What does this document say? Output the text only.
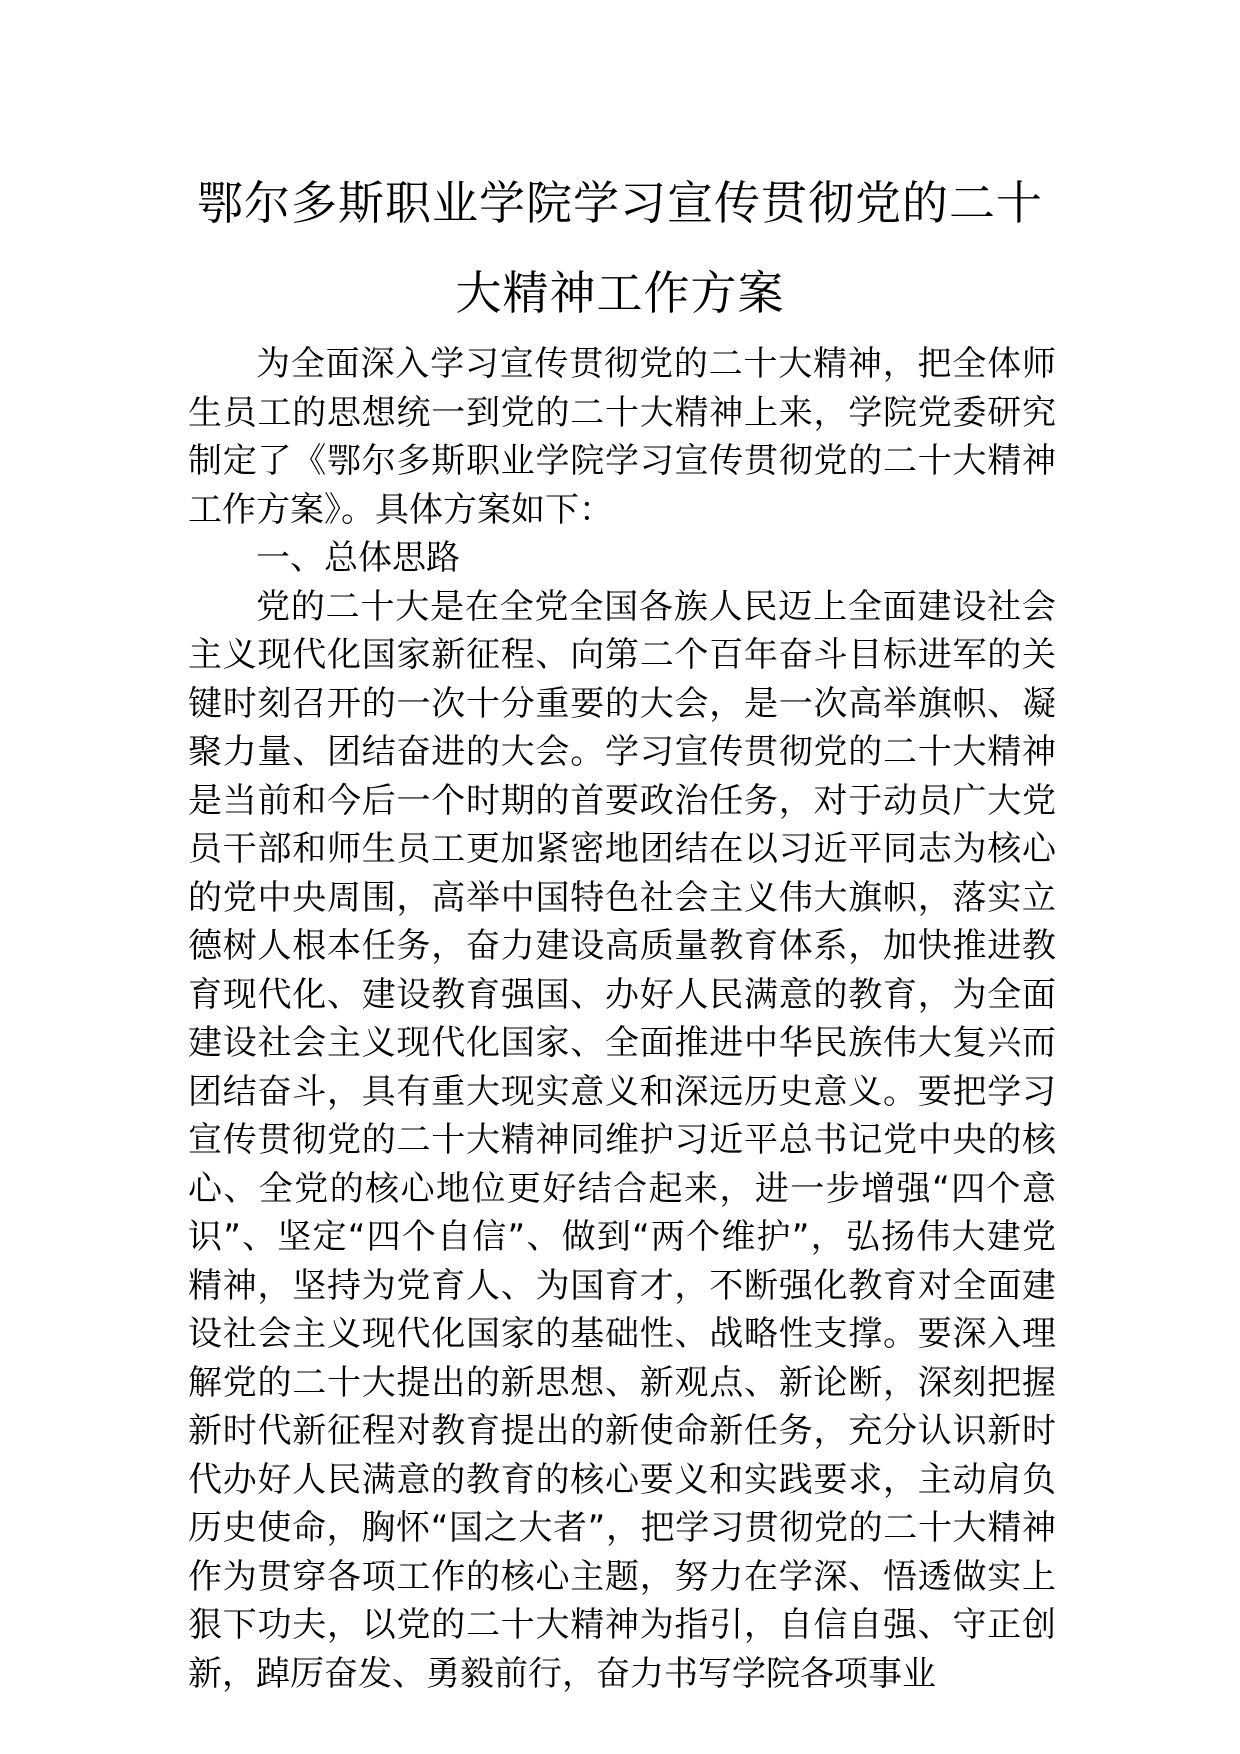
鄂尔多斯职业学院学习宣传贯彻党的二十
大精神工作方案

为全面深入学习宣传贯彻党的二十大精神，把全体师生员工的思想统一到党的二十大精神上来，学院党委研究制定了《鄂尔多斯职业学院学习宣传贯彻党的二十大精神工作方案》。具体方案如下：

一、总体思路

党的二十大是在全党全国各族人民迈上全面建设社会主义现代化国家新征程、向第二个百年奋斗目标进军的关键时刻召开的一次十分重要的大会，是一次高举旗帜、凝聚力量、团结奋进的大会。学习宣传贯彻党的二十大精神是当前和今后一个时期的首要政治任务，对于动员广大党员干部和师生员工更加紧密地团结在以习近平同志为核心的党中央周围，高举中国特色社会主义伟大旗帜，落实立德树人根本任务，奋力建设高质量教育体系，加快推进教育现代化、建设教育强国、办好人民满意的教育，为全面建设社会主义现代化国家、全面推进中华民族伟大复兴而团结奋斗，具有重大现实意义和深远历史意义。要把学习宣传贯彻党的二十大精神同维护习近平总书记党中央的核心、全党的核心地位更好结合起来，进一步增强“四个意识”、坚定“四个自信”、做到“两个维护”，弘扬伟大建党精神，坚持为党育人、为国育才，不断强化教育对全面建设社会主义现代化国家的基础性、战略性支撑。要深入理解党的二十大提出的新思想、新观点、新论断，深刻把握新时代新征程对教育提出的新使命新任务，充分认识新时代办好人民满意的教育的核心要义和实践要求，主动肩负历史使命，胸怀“国之大者”，把学习贯彻党的二十大精神作为贯穿各项工作的核心主题，努力在学深、悟透做实上狠下功夫，以党的二十大精神为指引，自信自强、守正创新，踔厉奋发、勇毅前行，奋力书写学院各项事业
